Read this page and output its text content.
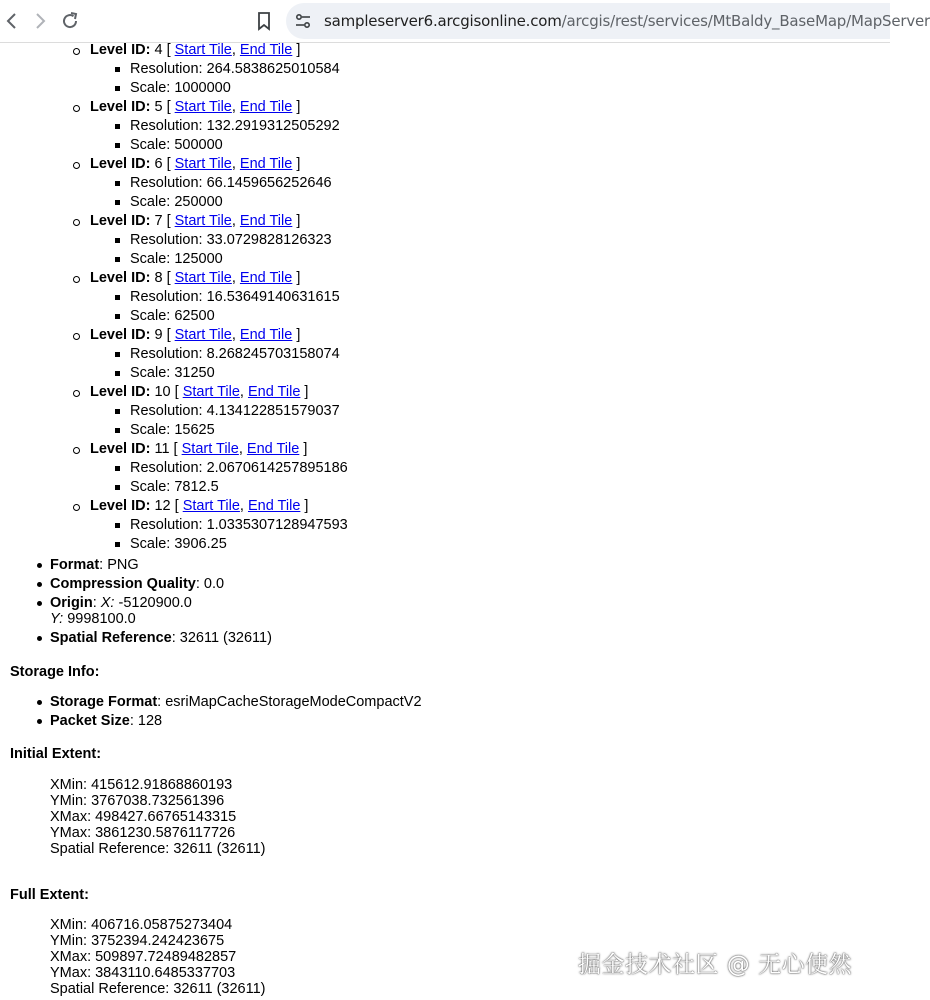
sampleserver6.arcgisonline.com/arcgis/rest/services/MtBaldy_BaseMap/MapServer
Level ID: 4 [ Start Tile, End Tile ]
Resolution: 264.5838625010584
Scale: 1000000
Level ID: 5 [ Start Tile, End Tile ]
Resolution: 132.2919312505292
Scale: 500000
Level ID: 6 [ Start Tile, End Tile ]
Resolution: 66.1459656252646
Scale: 250000
Level ID: 7 [ Start Tile, End Tile ]
Resolution: 33.0729828126323
Scale: 125000
Level ID: 8 [ Start Tile, End Tile ]
Resolution: 16.53649140631615
Scale: 62500
Level ID: 9 [ Start Tile, End Tile ]
Resolution: 8.268245703158074
Scale: 31250
Level ID: 10 [ Start Tile, End Tile ]
Resolution: 4.134122851579037
Scale: 15625
Level ID: 11 [ Start Tile, End Tile ]
Resolution: 2.0670614257895186
Scale: 7812.5
Level ID: 12 [ Start Tile, End Tile ]
Resolution: 1.0335307128947593
Scale: 3906.25
Format: PNG
Compression Quality: 0.0
Origin: X: -5120900.0
Spatial Reference: 32611 (32611)
Y: 9998100.0
Storage Format: esriMapCacheStorageModeCompactV2
Packet Size: 128
XMin: 415612.91868860193
YMin: 3767038.732561396
XMax: 498427.66765143315
YMax: 3861230.5876117726
Spatial Reference: 32611 (32611)
XMin: 406716.05875273404
YMin: 3752394.242423675
XMax: 509897.72489482857
YMax: 3843110.6485337703
Spatial Reference: 32611 (32611)
Storage Info:
Initial Extent:
Full Extent:
掘金技术社区 @ 无心使然
